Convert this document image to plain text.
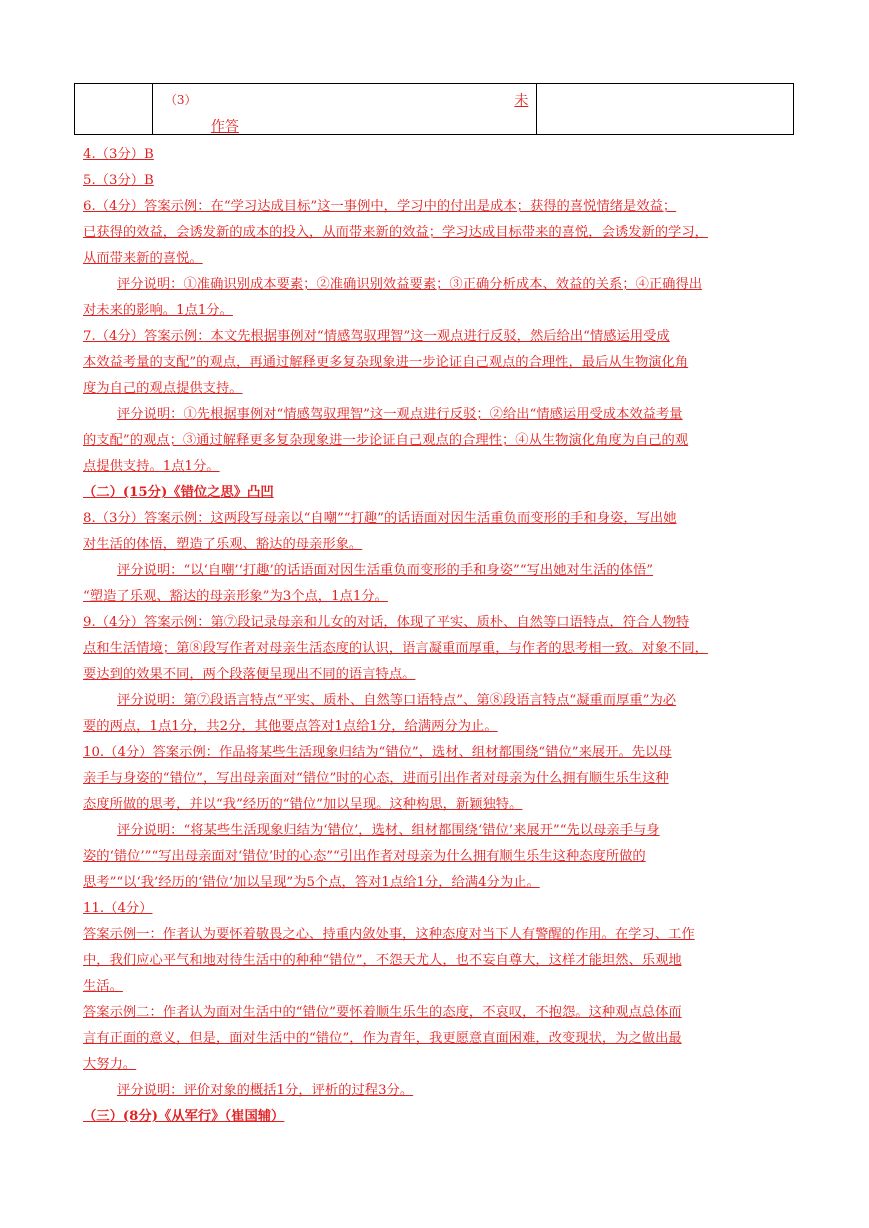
（3）	未
作答

4.（3分）B
5.（3分）B
6.（4分）答案示例：在“学习达成目标”这一事例中，学习中的付出是成本；获得的喜悦情绪是效益；
已获得的效益，会诱发新的成本的投入，从而带来新的效益；学习达成目标带来的喜悦，会诱发新的学习，
从而带来新的喜悦。
评分说明：①准确识别成本要素；②准确识别效益要素；③正确分析成本、效益的关系；④正确得出
对未来的影响。1点1分。
7.（4分）答案示例：本文先根据事例对“情感驾驭理智”这一观点进行反驳，然后给出“情感运用受成
本效益考量的支配”的观点，再通过解释更多复杂现象进一步论证自己观点的合理性，最后从生物演化角
度为自己的观点提供支持。
评分说明：①先根据事例对“情感驾驭理智”这一观点进行反驳；②给出“情感运用受成本效益考量
的支配”的观点；③通过解释更多复杂现象进一步论证自己观点的合理性；④从生物演化角度为自己的观
点提供支持。1点1分。
（二）(15分)《错位之思》凸凹
8.（3分）答案示例：这两段写母亲以“自嘲”“打趣”的话语面对因生活重负而变形的手和身姿，写出她
对生活的体悟，塑造了乐观、豁达的母亲形象。
评分说明：“以‘自嘲’‘打趣’的话语面对因生活重负而变形的手和身姿”“写出她对生活的体悟”
“塑造了乐观、豁达的母亲形象”为3个点，1点1分。
9.（4分）答案示例：第⑦段记录母亲和儿女的对话，体现了平实、质朴、自然等口语特点，符合人物特
点和生活情境；第⑧段写作者对母亲生活态度的认识，语言凝重而厚重，与作者的思考相一致。对象不同，
要达到的效果不同，两个段落便呈现出不同的语言特点。
评分说明：第⑦段语言特点“平实、质朴、自然等口语特点”、第⑧段语言特点“凝重而厚重”为必
要的两点，1点1分，共2分，其他要点答对1点给1分，给满两分为止。
10.（4分）答案示例：作品将某些生活现象归结为“错位”，选材、组材都围绕“错位”来展开。先以母
亲手与身姿的“错位”，写出母亲面对“错位”时的心态，进而引出作者对母亲为什么拥有顺生乐生这种
态度所做的思考，并以“我”经历的“错位”加以呈现。这种构思，新颖独特。
评分说明：“将某些生活现象归结为‘错位’，选材、组材都围绕‘错位’来展开”“先以母亲手与身
姿的‘错位’”“写出母亲面对‘错位’时的心态”“引出作者对母亲为什么拥有顺生乐生这种态度所做的
思考”“以‘我’经历的‘错位’加以呈现”为5个点，答对1点给1分，给满4分为止。
11.（4分）
答案示例一：作者认为要怀着敬畏之心、持重内敛处事，这种态度对当下人有警醒的作用。在学习、工作
中，我们应心平气和地对待生活中的种种“错位”，不怨天尤人，也不妄自尊大，这样才能坦然、乐观地
生活。
答案示例二：作者认为面对生活中的“错位”要怀着顺生乐生的态度，不哀叹，不抱怨。这种观点总体而
言有正面的意义，但是，面对生活中的“错位”，作为青年，我更愿意直面困难，改变现状，为之做出最
大努力。
评分说明：评价对象的概括1分，评析的过程3分。
（三）(8分)《从军行》（崔国辅）
